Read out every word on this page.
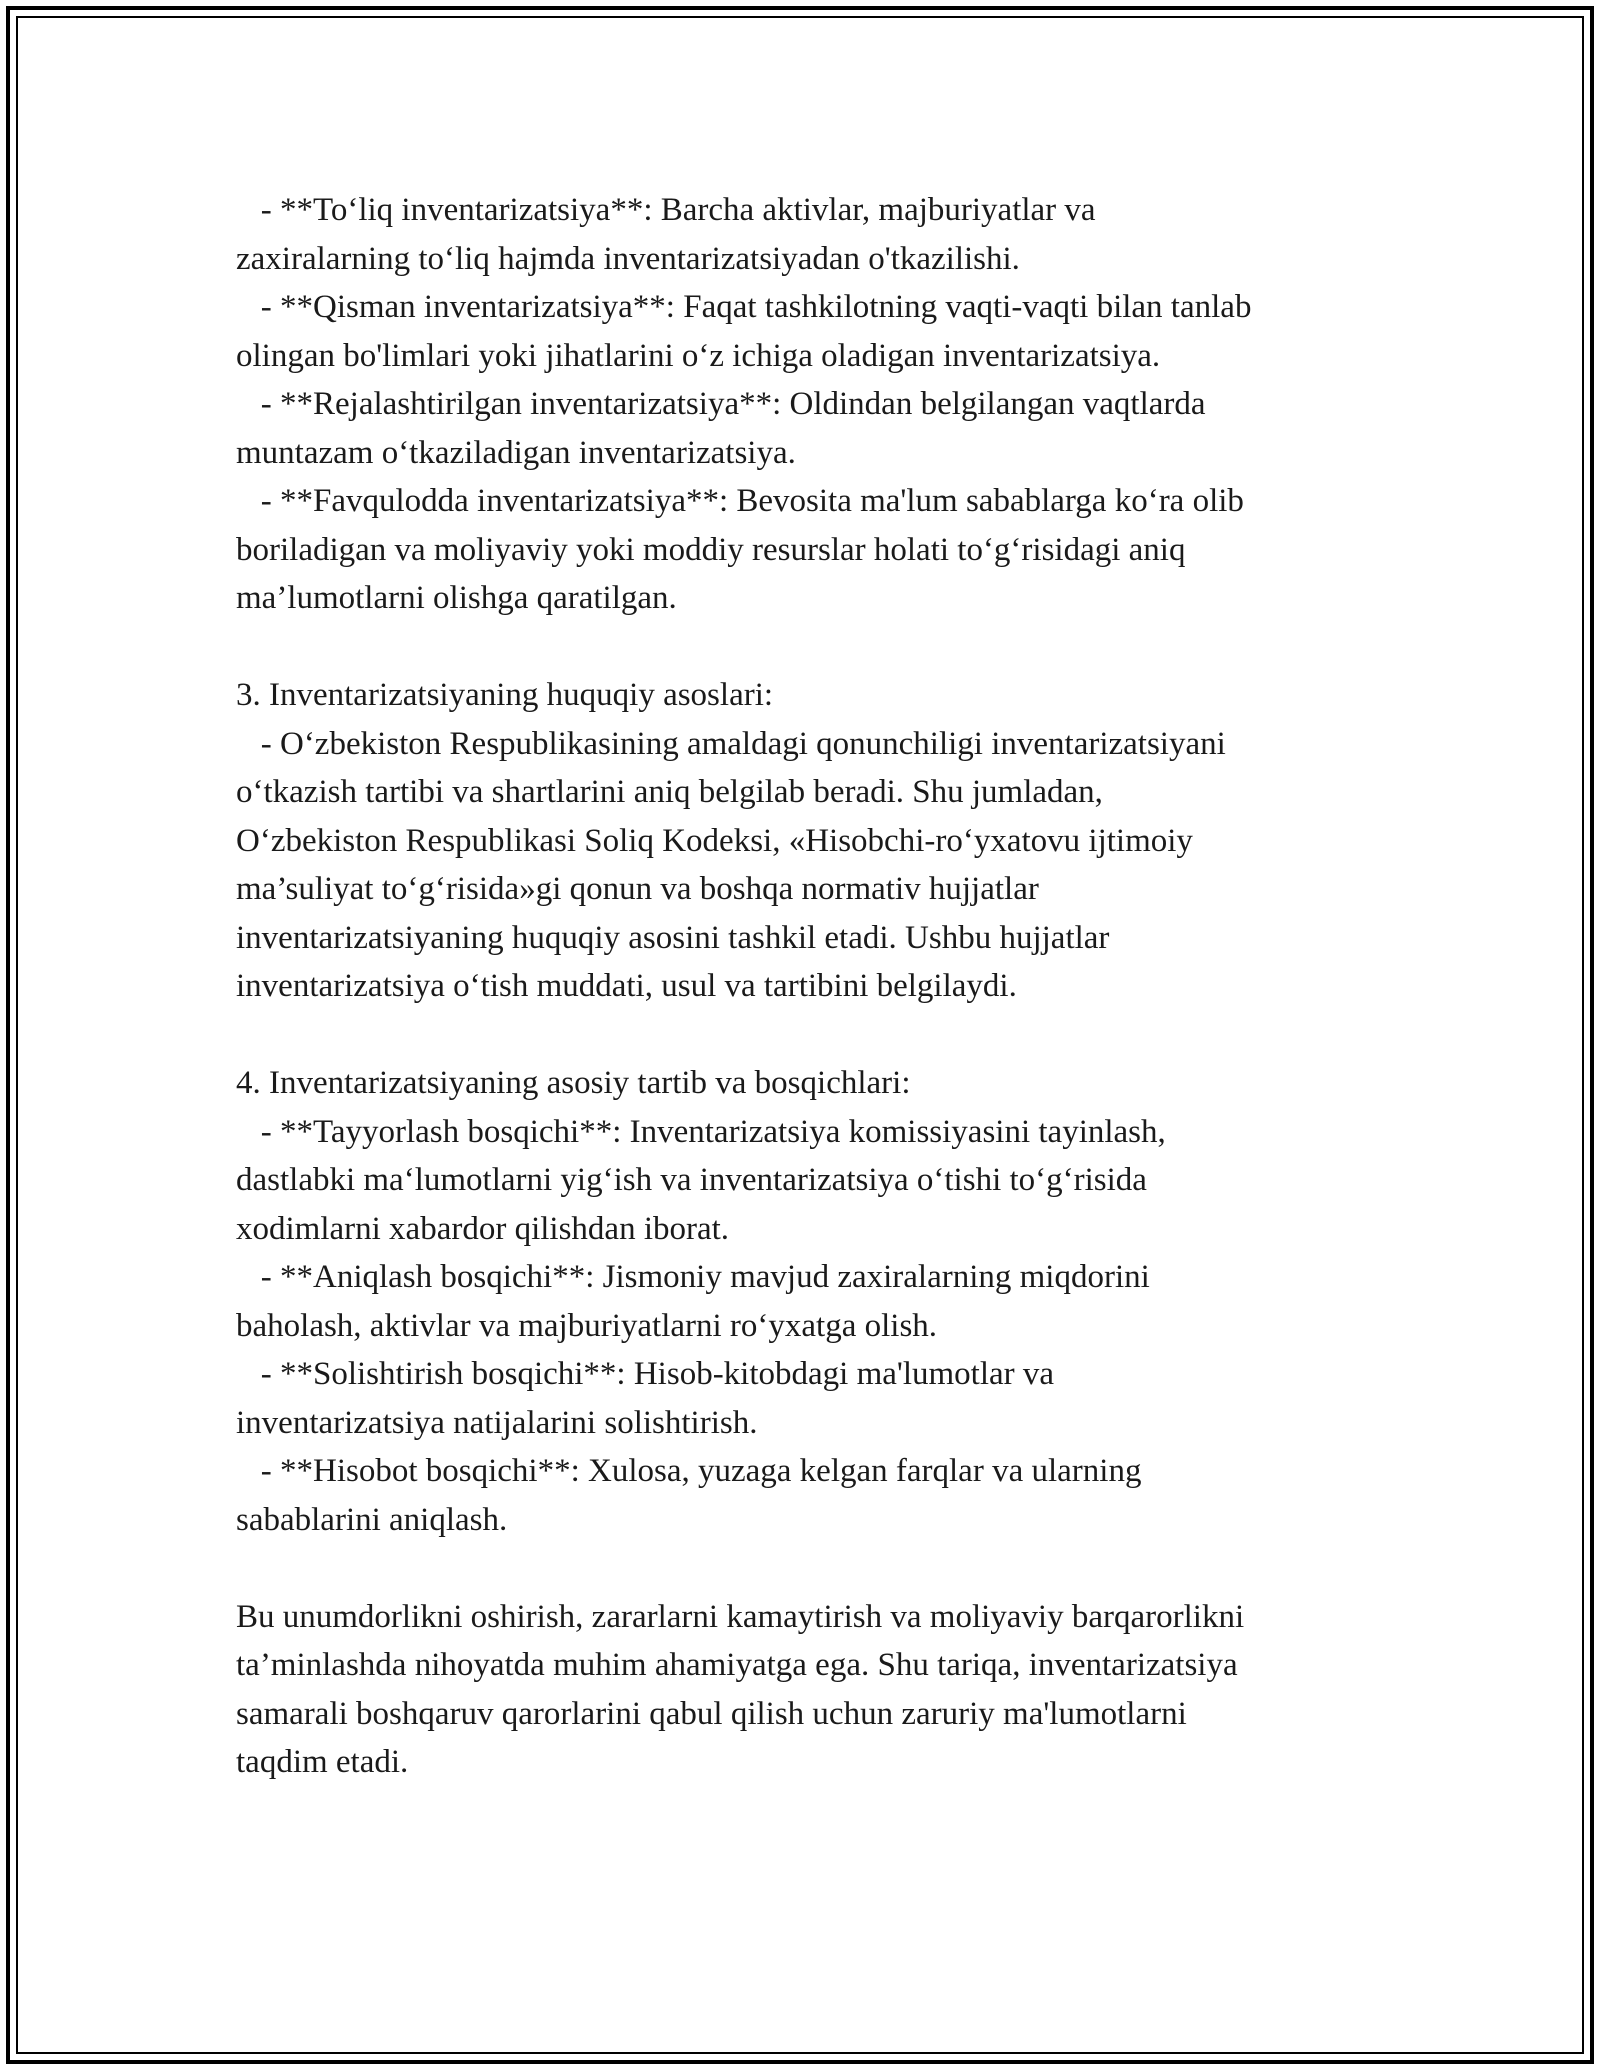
- **To‘liq inventarizatsiya**: Barcha aktivlar, majburiyatlar va

zaxiralarning to‘liq hajmda inventarizatsiyadan o'tkazilishi.

- **Qisman inventarizatsiya**: Faqat tashkilotning vaqti-vaqti bilan tanlab

olingan bo'limlari yoki jihatlarini o‘z ichiga oladigan inventarizatsiya.

- **Rejalashtirilgan inventarizatsiya**: Oldindan belgilangan vaqtlarda

muntazam o‘tkaziladigan inventarizatsiya.

- **Favqulodda inventarizatsiya**: Bevosita ma'lum sabablarga ko‘ra olib

boriladigan va moliyaviy yoki moddiy resurslar holati to‘g‘risidagi aniq

ma’lumotlarni olishga qaratilgan.

3. Inventarizatsiyaning huquqiy asoslari:

- O‘zbekiston Respublikasining amaldagi qonunchiligi inventarizatsiyani

o‘tkazish tartibi va shartlarini aniq belgilab beradi. Shu jumladan,

O‘zbekiston Respublikasi Soliq Kodeksi, «Hisobchi-ro‘yxatovu ijtimoiy

ma’suliyat to‘g‘risida»gi qonun va boshqa normativ hujjatlar

inventarizatsiyaning huquqiy asosini tashkil etadi. Ushbu hujjatlar

inventarizatsiya o‘tish muddati, usul va tartibini belgilaydi.

4. Inventarizatsiyaning asosiy tartib va bosqichlari:

- **Tayyorlash bosqichi**: Inventarizatsiya komissiyasini tayinlash,

dastlabki ma‘lumotlarni yig‘ish va inventarizatsiya o‘tishi to‘g‘risida

xodimlarni xabardor qilishdan iborat.

- **Aniqlash bosqichi**: Jismoniy mavjud zaxiralarning miqdorini

baholash, aktivlar va majburiyatlarni ro‘yxatga olish.

- **Solishtirish bosqichi**: Hisob-kitobdagi ma'lumotlar va

inventarizatsiya natijalarini solishtirish.

- **Hisobot bosqichi**: Xulosa, yuzaga kelgan farqlar va ularning

sabablarini aniqlash.

Bu unumdorlikni oshirish, zararlarni kamaytirish va moliyaviy barqarorlikni

ta’minlashda nihoyatda muhim ahamiyatga ega. Shu tariqa, inventarizatsiya

samarali boshqaruv qarorlarini qabul qilish uchun zaruriy ma'lumotlarni

taqdim etadi.
